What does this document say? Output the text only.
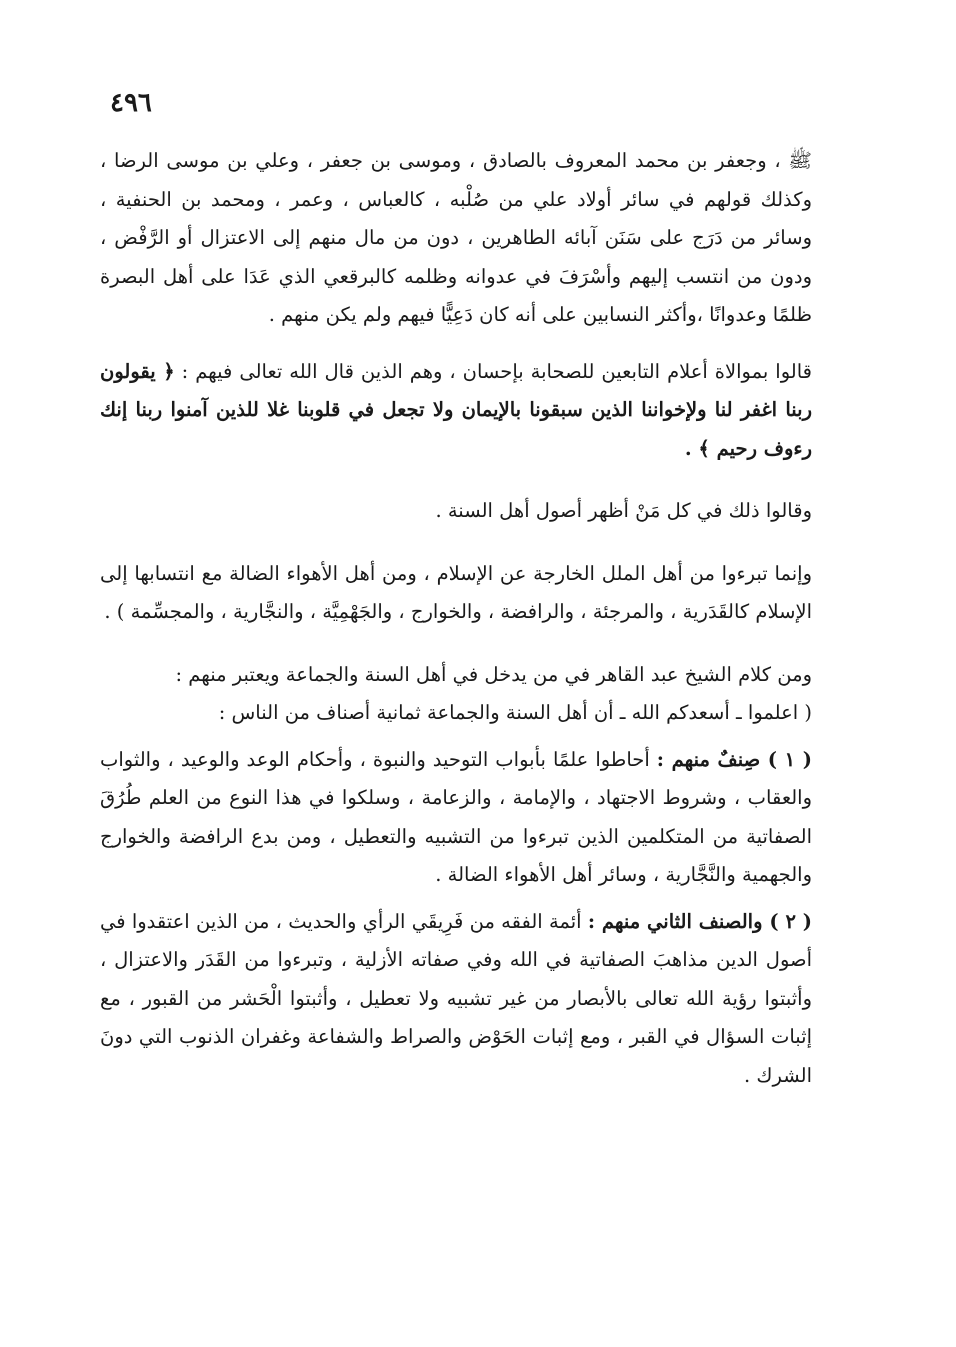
٤٩٦

ﷺ ، وجعفر بن محمد المعروف بالصادق ، وموسى بن جعفر ، وعلي بن موسى الرضا ، وكذلك قولهم في سائر أولاد علي من صُلْبه ، كالعباس ، وعمر ، ومحمد بن الحنفية ، وسائر من دَرَج على سَنَن آبائه الطاهرين ، دون من مال منهم إلى الاعتزال أو الرَّفْض ، ودون من انتسب إليهم وأسْرَفَ في عدوانه وظلمه كالبرقعي الذي عَدَا على أهل البصرة ظلمًا وعدوانًا ،وأكثر النسابين على أنه كان دَعِيًّا فيهم ولم يكن منهم .

قالوا بموالاة أعلام التابعين للصحابة بإحسان ، وهم الذين قال الله تعالى فيهم : ﴿ يقولون ربنا اغفر لنا ولإخواننا الذين سبقونا بالإيمان ولا تجعل في قلوبنا غلا للذين آمنوا ربنا إنك رءوف رحيم ﴾ .

وقالوا ذلك في كل مَنْ أظهر أصول أهل السنة .

وإنما تبرءوا من أهل الملل الخارجة عن الإسلام ، ومن أهل الأهواء الضالة مع انتسابها إلى الإسلام كالقَدَرية ، والمرجئة ، والرافضة ، والخوارج ، والجَهْمِيَّة ، والنجَّارية ، والمجسِّمة ) .

ومن كلام الشيخ عبد القاهر في من يدخل في أهل السنة والجماعة ويعتبر منهم :

( اعلموا ـ أسعدكم الله ـ أن أهل السنة والجماعة ثمانية أصناف من الناس :

( ١ ) صِنفٌ منهم : أحاطوا علمًا بأبواب التوحيد والنبوة ، وأحكام الوعد والوعيد ، والثواب والعقاب ، وشروط الاجتهاد ، والإمامة ، والزعامة ، وسلكوا في هذا النوع من العلم طُرُقَ الصفاتية من المتكلمين الذين تبرءوا من التشبيه والتعطيل ، ومن بدع الرافضة والخوارج والجهمية والنَّجَّارية ، وسائر أهل الأهواء الضالة .

( ٢ ) والصنف الثاني منهم : أئمة الفقه من فَرِيقَي الرأي والحديث ، من الذين اعتقدوا في أصول الدين مذاهبَ الصفاتية في الله وفي صفاته الأزلية ، وتبرءوا من القَدَر والاعتزال ، وأثبتوا رؤية الله تعالى بالأبصار من غير تشبيه ولا تعطيل ، وأثبتوا الْحَشر من القبور ، مع إثبات السؤال في القبر ، ومع إثبات الحَوْض والصراط والشفاعة وغفران الذنوب التي دونَ الشرك .
